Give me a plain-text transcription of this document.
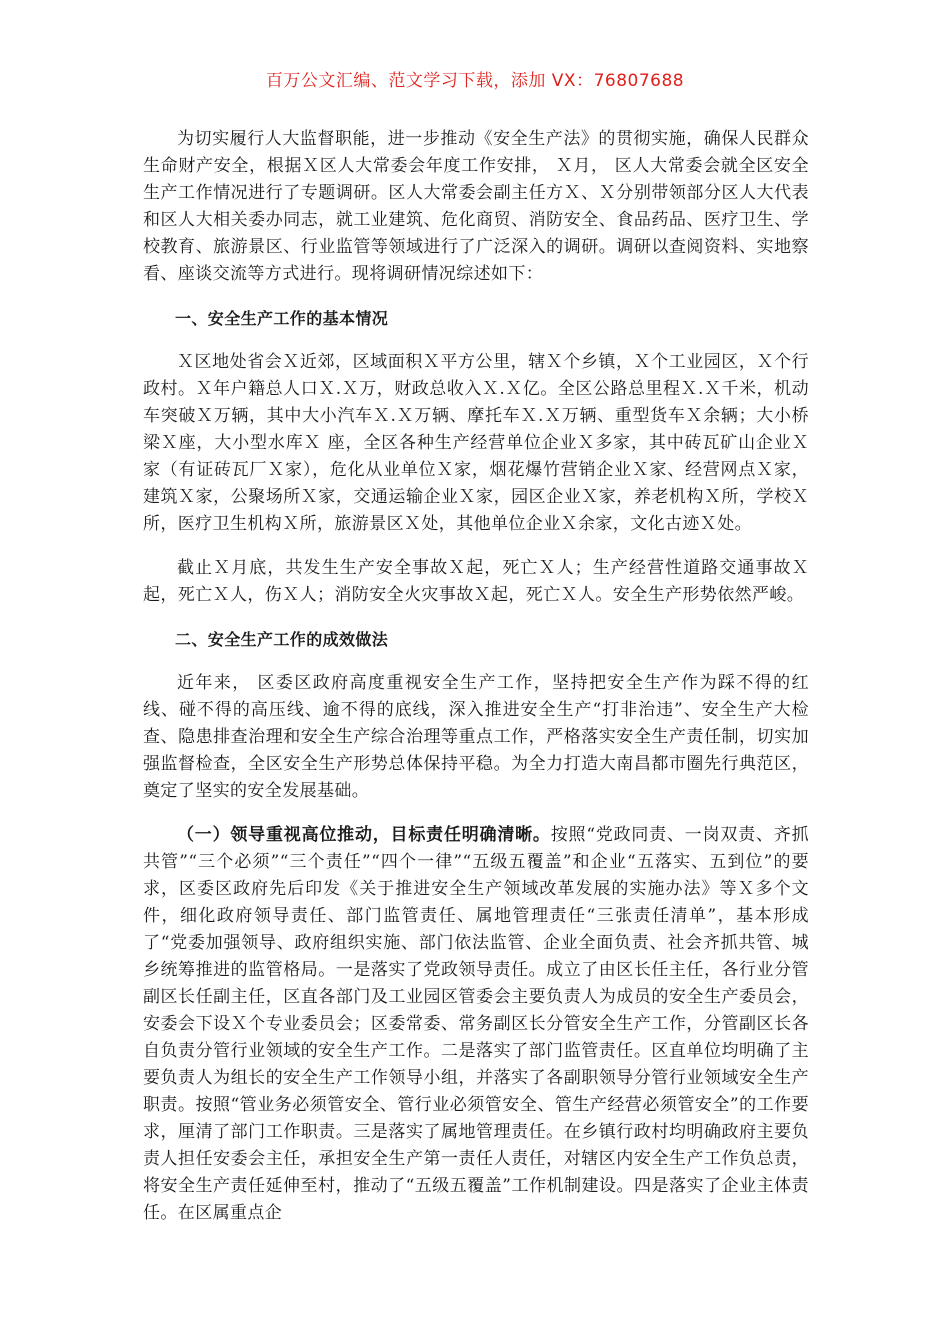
百万公文汇编、范文学习下载，添加 VX：76807688

为切实履行人大监督职能，进一步推动《安全生产法》的贯彻实施，确保人民群众生命财产安全，根据Ｘ区人大常委会年度工作安排， Ｘ月， 区人大常委会就全区安全生产工作情况进行了专题调研。区人大常委会副主任方Ｘ、Ｘ分别带领部分区人大代表和区人大相关委办同志，就工业建筑、危化商贸、消防安全、食品药品、医疗卫生、学校教育、旅游景区、行业监管等领域进行了广泛深入的调研。调研以查阅资料、实地察看、座谈交流等方式进行。现将调研情况综述如下：

一、安全生产工作的基本情况

Ｘ区地处省会Ｘ近郊，区域面积Ｘ平方公里，辖Ｘ个乡镇，Ｘ个工业园区，Ｘ个行政村。Ｘ年户籍总人口Ｘ.Ｘ万，财政总收入Ｘ.Ｘ亿。全区公路总里程Ｘ.Ｘ千米，机动车突破Ｘ万辆，其中大小汽车Ｘ.Ｘ万辆、摩托车Ｘ.Ｘ万辆、重型货车Ｘ余辆；大小桥梁Ｘ座，大小型水库Ｘ 座，全区各种生产经营单位企业Ｘ多家，其中砖瓦矿山企业Ｘ家（有证砖瓦厂Ｘ家），危化从业单位Ｘ家，烟花爆竹营销企业Ｘ家、经营网点Ｘ家，建筑Ｘ家，公聚场所Ｘ家，交通运输企业Ｘ家，园区企业Ｘ家，养老机构Ｘ所，学校Ｘ所，医疗卫生机构Ｘ所，旅游景区Ｘ处，其他单位企业Ｘ余家，文化古迹Ｘ处。

截止Ｘ月底，共发生生产安全事故Ｘ起，死亡Ｘ人；生产经营性道路交通事故Ｘ起，死亡Ｘ人，伤Ｘ人；消防安全火灾事故Ｘ起，死亡Ｘ人。安全生产形势依然严峻。

二、安全生产工作的成效做法

近年来， 区委区政府高度重视安全生产工作，坚持把安全生产作为踩不得的红线、碰不得的高压线、逾不得的底线，深入推进安全生产“打非治违”、安全生产大检查、隐患排查治理和安全生产综合治理等重点工作，严格落实安全生产责任制，切实加强监督检查，全区安全生产形势总体保持平稳。为全力打造大南昌都市圈先行典范区，奠定了坚实的安全发展基础。

（一）领导重视高位推动，目标责任明确清晰。按照“党政同责、一岗双责、齐抓共管”“三个必须”“三个责任”“四个一律”“五级五覆盖”和企业“五落实、五到位”的要求，区委区政府先后印发《关于推进安全生产领域改革发展的实施办法》等Ｘ多个文件，细化政府领导责任、部门监管责任、属地管理责任“三张责任清单”，基本形成了“党委加强领导、政府组织实施、部门依法监管、企业全面负责、社会齐抓共管、城乡统筹推进的监管格局。一是落实了党政领导责任。成立了由区长任主任，各行业分管副区长任副主任，区直各部门及工业园区管委会主要负责人为成员的安全生产委员会，安委会下设Ｘ个专业委员会；区委常委、常务副区长分管安全生产工作，分管副区长各自负责分管行业领域的安全生产工作。二是落实了部门监管责任。区直单位均明确了主要负责人为组长的安全生产工作领导小组，并落实了各副职领导分管行业领域安全生产职责。按照“管业务必须管安全、管行业必须管安全、管生产经营必须管安全”的工作要求，厘清了部门工作职责。三是落实了属地管理责任。在乡镇行政村均明确政府主要负责人担任安委会主任，承担安全生产第一责任人责任，对辖区内安全生产工作负总责，将安全生产责任延伸至村，推动了“五级五覆盖”工作机制建设。四是落实了企业主体责任。在区属重点企
